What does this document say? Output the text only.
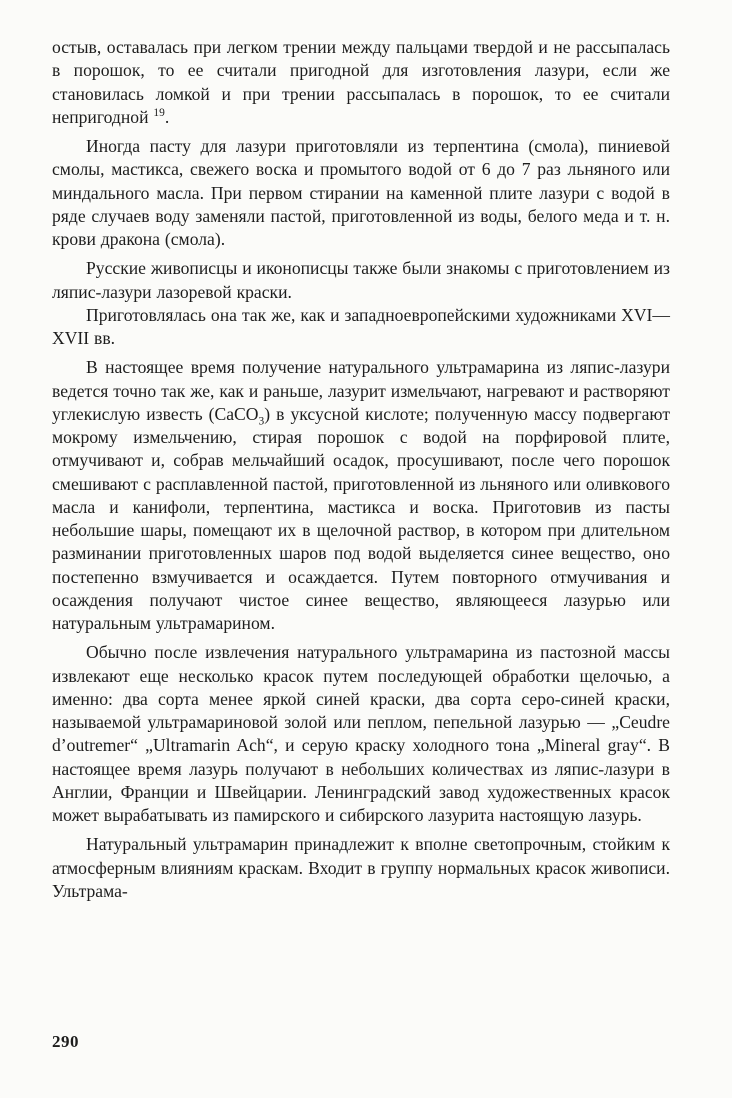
остыв, оставалась при легком трении между пальцами твердой и не рассыпалась в порошок, то ее считали пригодной для изготовления лазури, если же становилась ломкой и при трении рассыпалась в порошок, то ее считали непригодной $^{19}$.

Иногда пасту для лазури приготовляли из терпентина (смола), пиниевой смолы, мастикса, свежего воска и промытого водой от 6 до 7 раз льняного или миндального масла. При первом стирании на каменной плите лазури с водой в ряде случаев воду заменяли пастой, приготовленной из воды, белого меда и т. н. крови дракона (смола).

Русские живописцы и иконописцы также были знакомы с приготовлением из ляпис-лазури лазоревой краски.

Приготовлялась она так же, как и западноевропейскими художниками XVI—XVII вв.

В настоящее время получение натурального ультрамарина из ляпис-лазури ведется точно так же, как и раньше, лазурит измельчают, нагревают и растворяют углекислую известь (CaCO$_3$) в уксусной кислоте; полученную массу подвергают мокрому измельчению, стирая порошок с водой на порфировой плите, отмучивают и, собрав мельчайший осадок, просушивают, после чего порошок смешивают с расплавленной пастой, приготовленной из льняного или оливкового масла и канифоли, терпентина, мастикса и воска. Приготовив из пасты небольшие шары, помещают их в щелочной раствор, в котором при длительном разминании приготовленных шаров под водой выделяется синее вещество, оно постепенно взмучивается и осаждается. Путем повторного отмучивания и осаждения получают чистое синее вещество, являющееся лазурью или натуральным ультрамарином.

Обычно после извлечения натурального ультрамарина из пастозной массы извлекают еще несколько красок путем последующей обработки щелочью, а именно: два сорта менее яркой синей краски, два сорта серо-синей краски, называемой ультрамариновой золой или пеплом, пепельной лазурью — „Ceudre d’outremer“ „Ultramarin Ach“, и серую краску холодного тона „Mineral gray“. В настоящее время лазурь получают в небольших количествах из ляпис-лазури в Англии, Франции и Швейцарии. Ленинградский завод художественных красок может вырабатывать из памирского и сибирского лазурита настоящую лазурь.

Натуральный ультрамарин принадлежит к вполне светопрочным, стойким к атмосферным влияниям краскам. Входит в группу нормальных красок живописи. Ультрама-

290
